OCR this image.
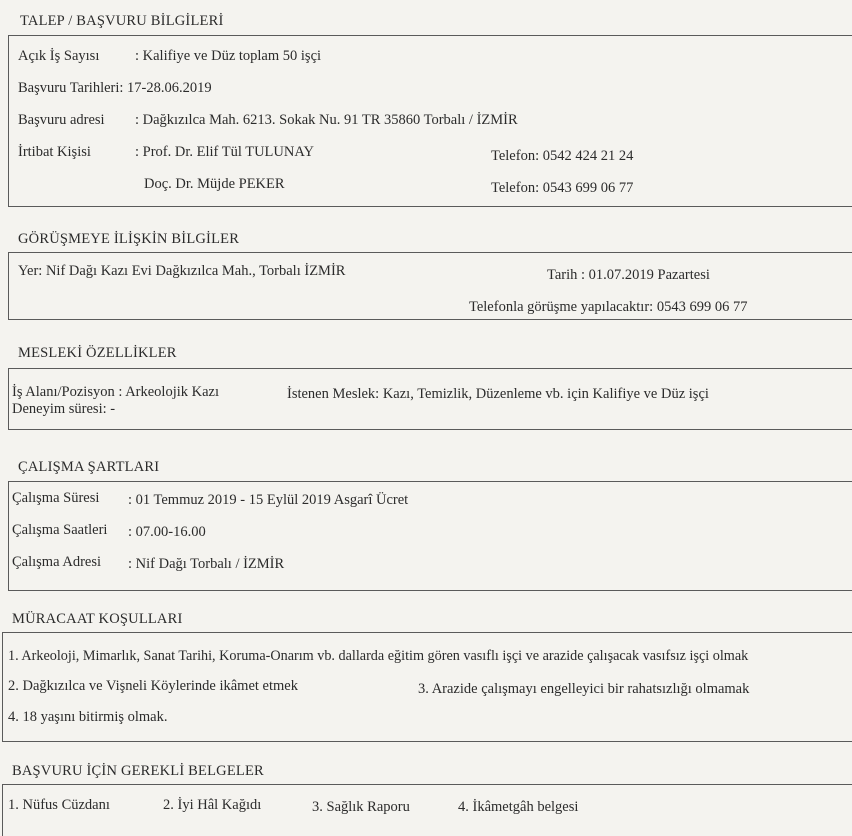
TALEP / BAŞVURU BİLGİLERİ
Açık İş Sayısı : Kalifiye ve Düz toplam 50 işçi
Başvuru Tarihleri: 17-28.06.2019
Başvuru adresi : Dağkızılca Mah. 6213. Sokak Nu. 91 TR 35860 Torbalı / İZMİR
İrtibat Kişisi	: Prof. Dr. Elif Tül TULUNAY	Telefon: 0542 424 21 24
Doç. Dr. Müjde PEKER	Telefon: 0543 699 06 77
GÖRÜŞMEYE İLİŞKİN BİLGİLER
Yer: Nif Dağı Kazı Evi Dağkızılca Mah., Torbalı İZMİR	Tarih : 01.07.2019 Pazartesi
Telefonla görüşme yapılacaktır: 0543 699 06 77
MESLEKİ ÖZELLİKLER
İş Alanı/Pozisyon : Arkeolojik Kazı	İstenen Meslek: Kazı, Temizlik, Düzenleme vb. için Kalifiye ve Düz işçi
Deneyim süresi: -
ÇALIŞMA ŞARTLARI
Çalışma Süresi : 01 Temmuz 2019 - 15 Eylül 2019 Asgarî Ücret
Çalışma Saatleri : 07.00-16.00
Çalışma Adresi : Nif Dağı Torbalı / İZMİR
MÜRACAAT KOŞULLARI
1. Arkeoloji, Mimarlık, Sanat Tarihi, Koruma-Onarım vb. dallarda eğitim gören vasıflı işçi ve arazide çalışacak vasıfsız işçi olmak
2. Dağkızılca ve Vişneli Köylerinde ikâmet etmek	3. Arazide çalışmayı engelleyici bir rahatsızlığı olmamak
4. 18 yaşını bitirmiş olmak.
BAŞVURU İÇİN GEREKLİ BELGELER
1. Nüfus Cüzdanı	2. İyi Hâl Kağıdı	3. Sağlık Raporu	4. İkâmetgâh belgesi
